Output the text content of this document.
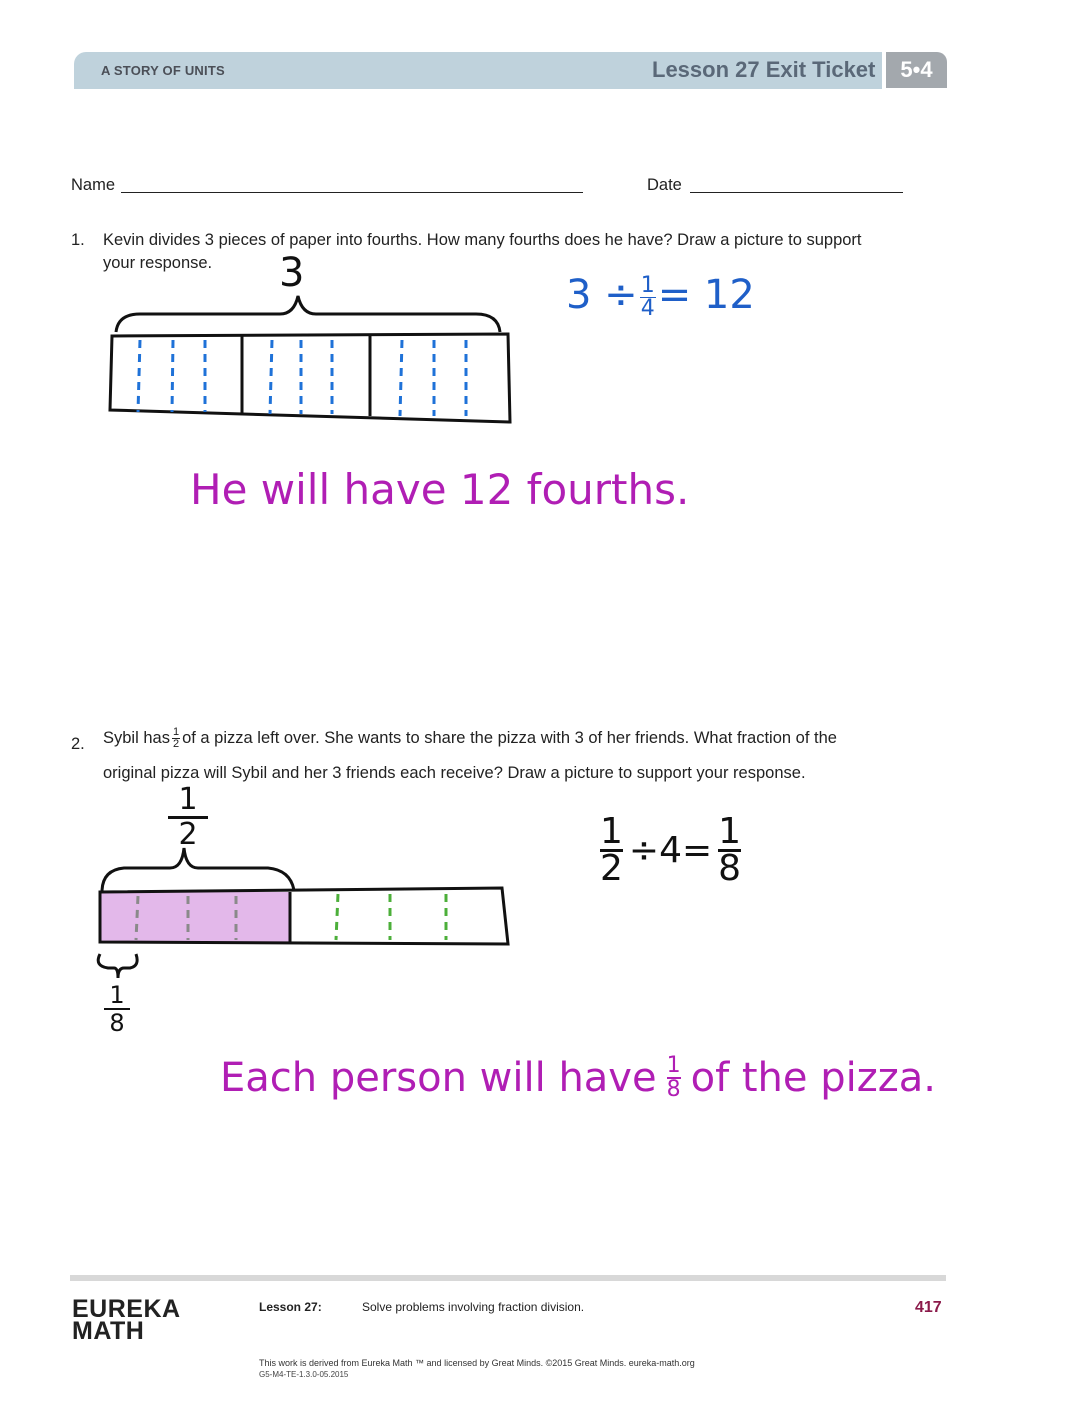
A STORY OF UNITS	Lesson 27 Exit Ticket	5•4
Name	Date
1. Kevin divides 3 pieces of paper into fourths. How many fourths does he have? Draw a picture to support
your response. 3	$3 \div \frac{1}{4} = 12$
He will have 12 fourths.
2. Sybil has $\frac{1}{2}$ of a pizza left over. She wants to share the pizza with 3 of her friends. What fraction of the
original pizza will Sybil and her 3 friends each receive? Draw a picture to support your response.
1
2
1
8
$\frac{1}{2} \div 4= \frac{1}{8}$
Each person will have 1
8 of the pizza.
EUREKA
MATH
Lesson 27:	Solve problems involving fraction division.	417
This work is derived from Eureka Math ™ and licensed by Great Minds. ©2015 Great Minds. eureka-math.org
G5-M4-TE-1.3.0-05.2015
